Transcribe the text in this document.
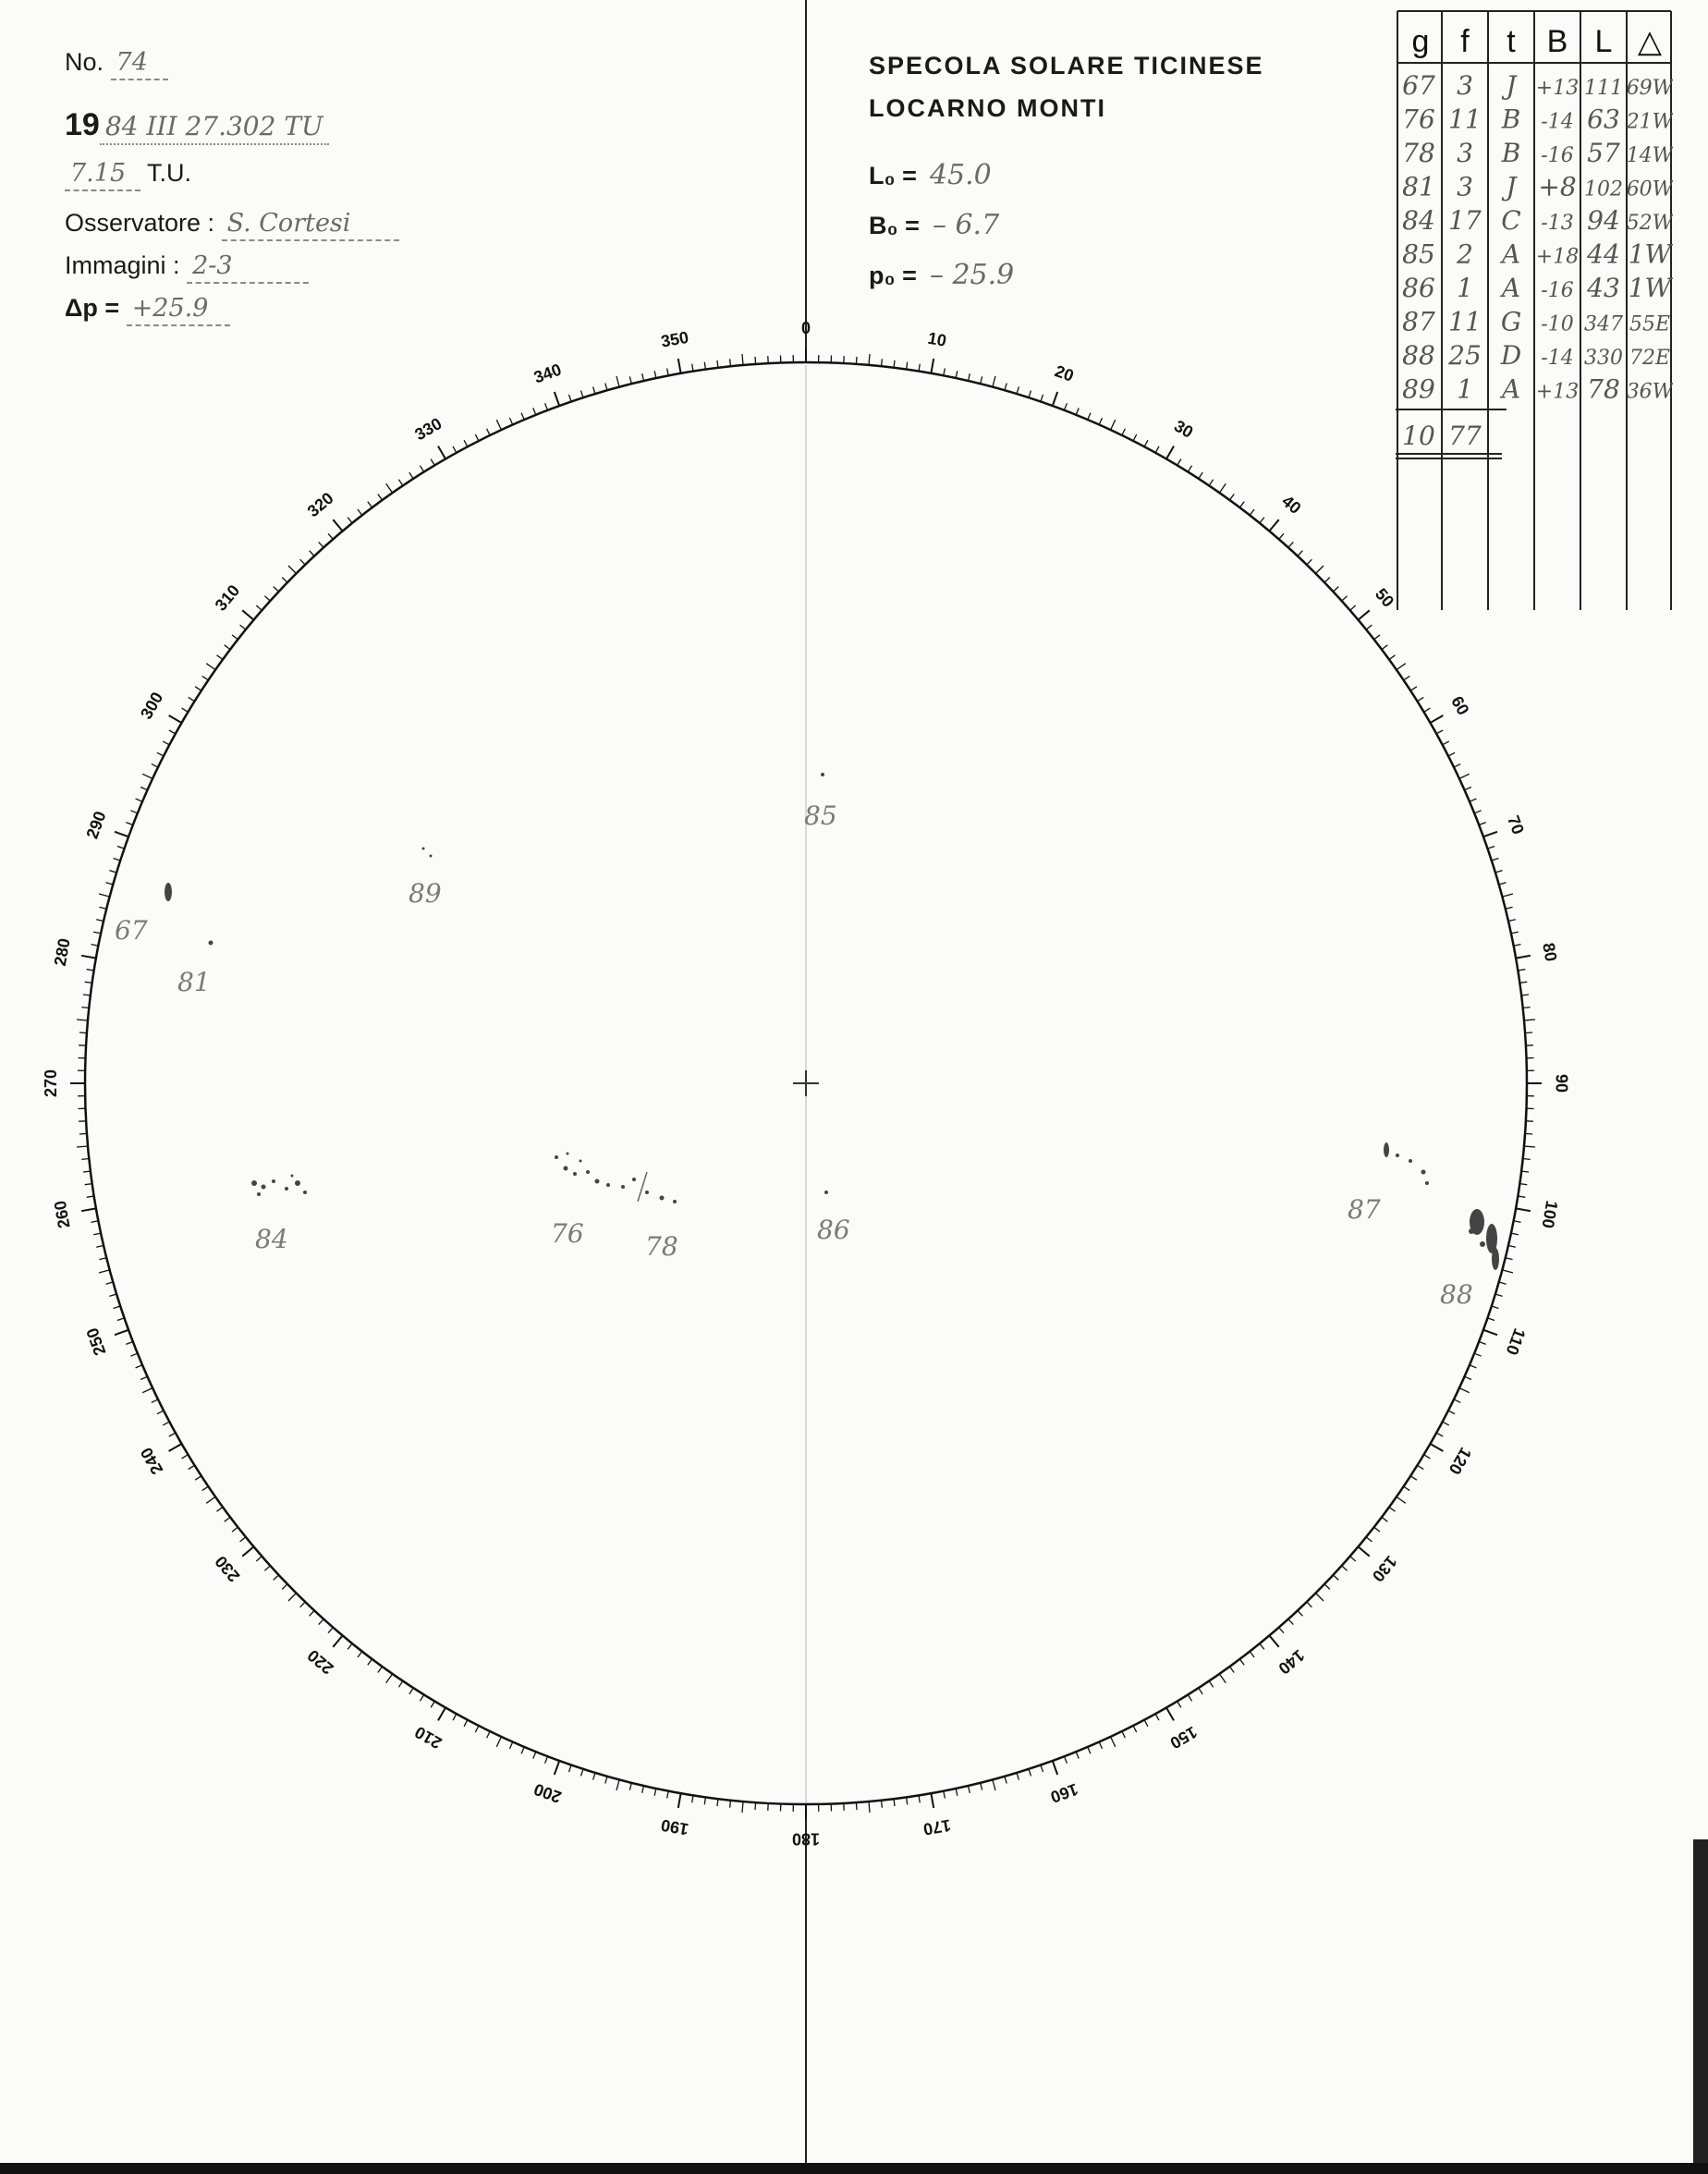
No. 74
19 84 III 27.302 TU
7.15 T.U.
Osservatore : S. Cortesi
Immagini : 2-3
Δp = +25.9
SPECOLA SOLARE TICINESE
LOCARNO MONTI
L₀ = 45.0
B₀ = – 6.7
p₀ = – 25.9
0
10
20
30
40
50
60
70
80
90
100
110
120
130
140
150
160
170
180
190
200
210
220
230
240
250
260
270
280
290
300
310
320
330
340
350
85
89
67
81
84	76 78
86
87
88
g f t B L △
67 3 J +13 111 69W
76 11 B -14 63 21W
78 3 B -16 57 14W
81 3 J +8 102 60W
84 17 C -13 94 52W
85 2 A +18 44 1W
86 1 A -16 43 1W
87 11 G -10 347 55E
88 25 D -14 330 72E
89 1 A +13 78 36W
10 77
